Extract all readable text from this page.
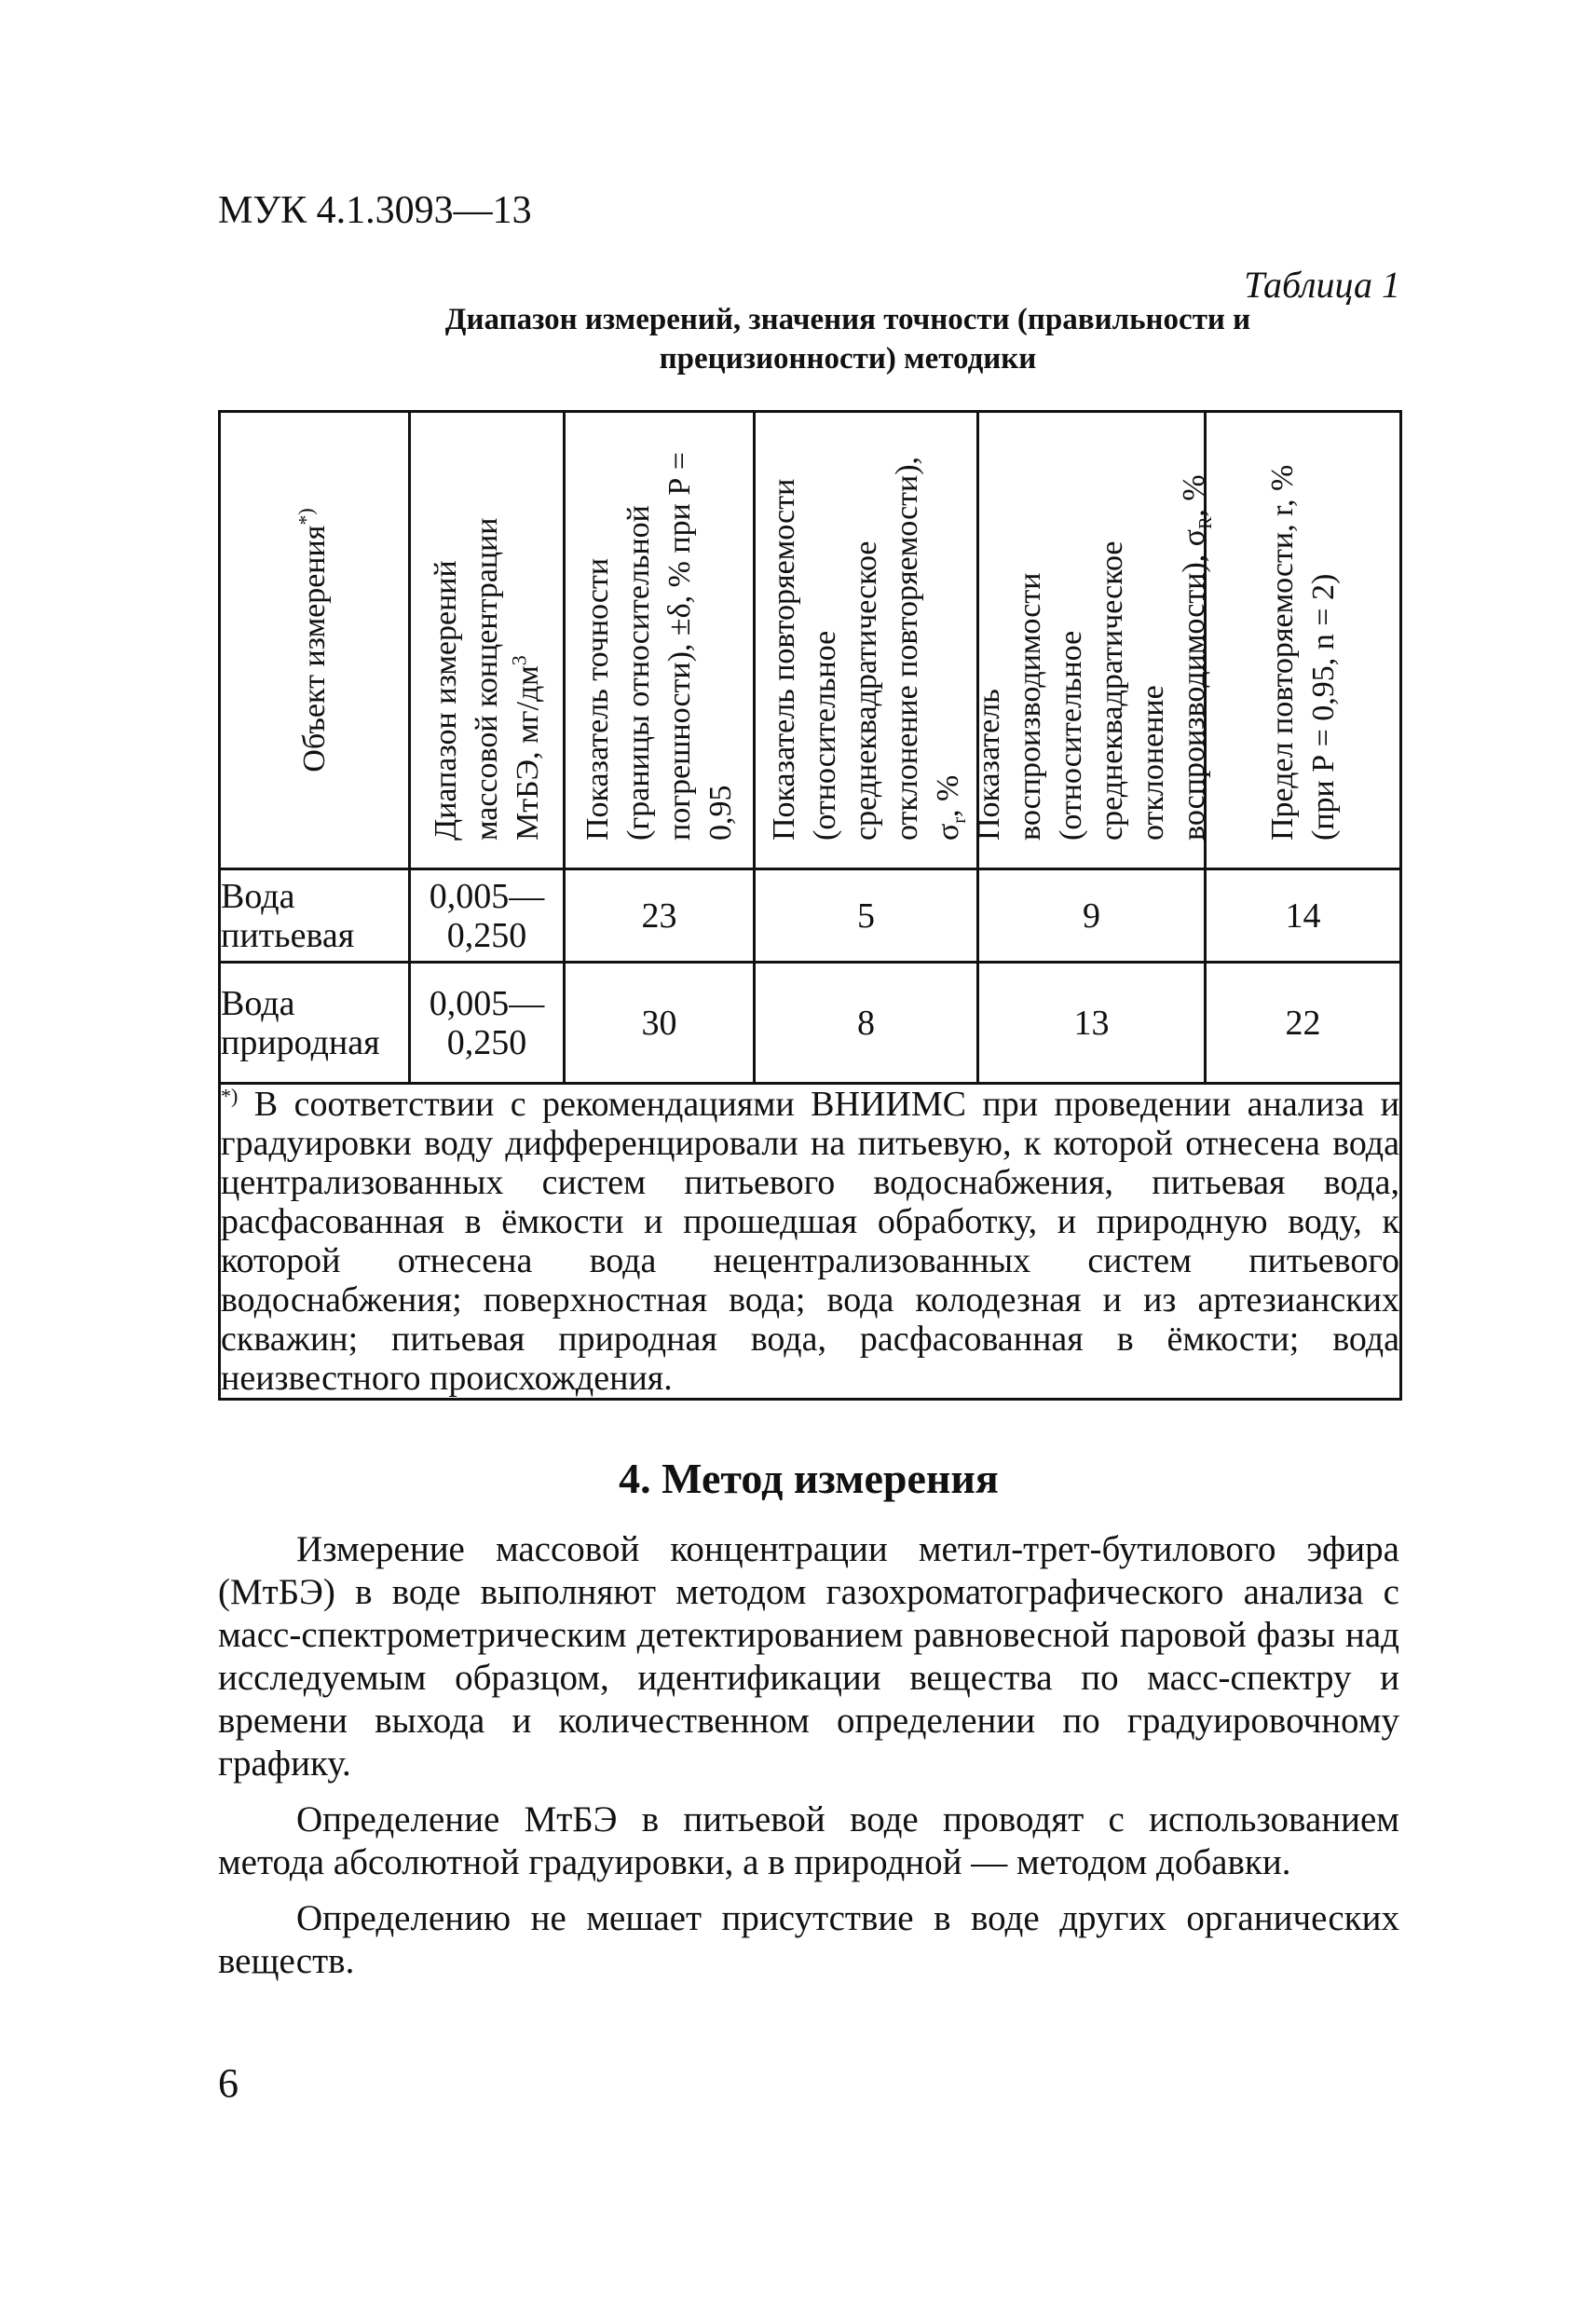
МУК 4.1.3093—13
Таблица 1
Диапазон измерений, значения точности (правильности и прецизионности) методики
Объект измерения*)	Диапазон измерений массовой концентрации МтБЭ, $мг/дм^3$	Показатель точности (границы относительной погрешности), ±δ, % при Р = 0,95	Показатель повторяемости (относительное среднеквадратическое отклонение повторяемости), $\sigma_r$, %	Показатель воспроизводимости (относительное среднеквадратическое отклонение воспроизводимости), $\sigma_R$, %	Предел повторяемости, r, % (при Р = 0,95, n = 2)

Вода питьевая	0,005— 0,250	23	5	9	14
Вода природная	0,005— 0,250	30	8	13	22
*) В соответствии с рекомендациями ВНИИМС при проведении анализа и градуировки воду дифференцировали на питьевую, к которой отнесена вода централизованных систем питьевого водоснабжения, питьевая вода, расфасованная в ёмкости и прошедшая обработку, и природную воду, к которой отнесена вода нецентрализованных систем питьевого водоснабжения; поверхностная вода; вода колодезная и из артезианских скважин; питьевая природная вода, расфасованная в ёмкости; вода неизвестного происхождения.					
4. Метод измерения

Измерение массовой концентрации метил-трет-бутилового эфира (МтБЭ) в воде выполняют методом газохроматографического анализа с масс-спектрометрическим детектированием равновесной паровой фазы над исследуемым образцом, идентификации вещества по масс-спектру и времени выхода и количественном определении по градуировочному графику.

Определение МтБЭ в питьевой воде проводят с использованием метода абсолютной градуировки, а в природной — методом добавки.

Определению не мешает присутствие в воде других органических веществ.

6
